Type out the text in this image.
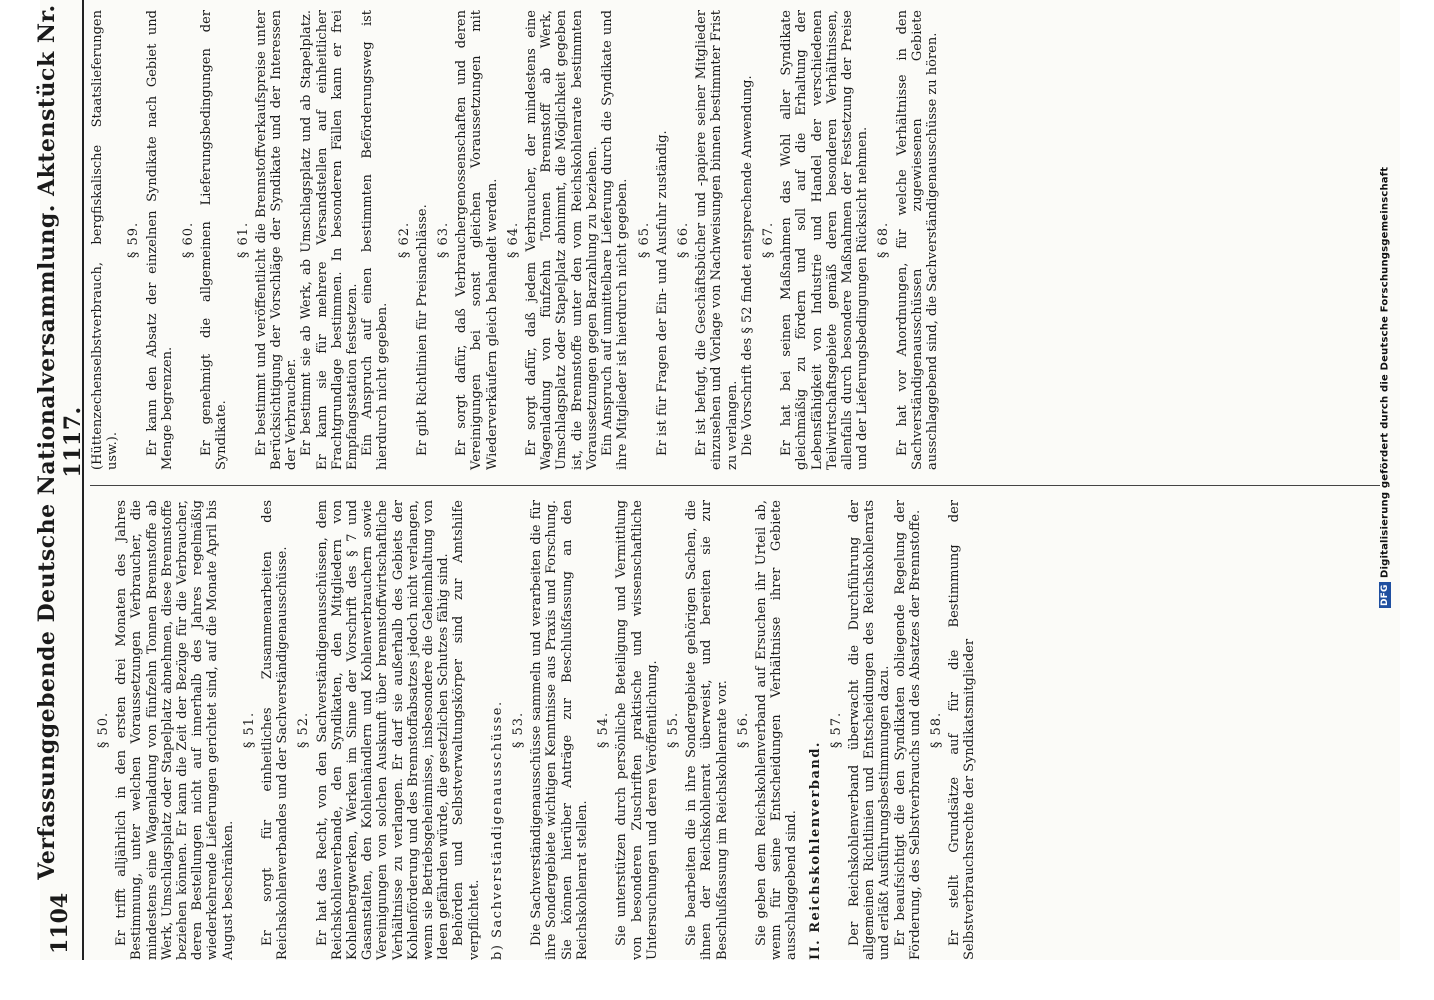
1104
Verfassunggebende Deutsche Nationalversammlung. Aktenstück Nr. 1117.

§ 50. Er trifft alljährlich in den ersten drei Monaten des Jahres Bestimmung, unter welchen Voraussetzungen Verbraucher, die mindestens eine Wagenladung von fünfzehn Tonnen Brennstoffe ab Werk, Umschlagsplatz oder Stapelplatz abnehmen, diese Brennstoffe beziehen können. Er kann die Zeit der Bezüge für die Verbraucher, deren Bestellungen nicht auf innerhalb des Jahres regelmäßig wiederkehrende Lieferungen gerichtet sind, auf die Monate April bis August beschränken.

§ 51. Er sorgt für einheitliches Zusammenarbeiten des Reichskohlenverbandes und der Sachverständigenausschüsse. § 52. Er hat das Recht, von den Sachverständigenausschüssen, dem Reichskohlenverbande, den Syndikaten, den Mitgliedern von Kohlenbergwerken, Werken im Sinne der Vorschrift des § 7 und Gasanstalten, den Kohlenhändlern und Kohlenverbrauchern sowie Vereinigungen von solchen Auskunft über brennstoffwirtschaftliche Verhältnisse zu verlangen. Er darf sie außerhalb des Gebiets der Kohlenförderung und des Brennstoffabsatzes jedoch nicht verlangen, wenn sie Betriebsgeheimnisse, insbesondere die Geheimhaltung von Ideen gefährden würde, die gesetzlichen Schutzes fähig sind. Behörden und Selbstverwaltungskörper sind zur Amtshilfe verpflichtet. b) Sachverständigenausschüsse. § 53. Die Sachverständigenausschüsse sammeln und verarbeiten die für ihre Sondergebiete wichtigen Kenntnisse aus Praxis und Forschung. Sie können hierüber Anträge zur Beschlußfassung an den Reichskohlenrat stellen.

§ 54. Sie unterstützen durch persönliche Beteiligung und Vermittlung von besonderen Zuschriften praktische und wissenschaftliche Untersuchungen und deren Veröffentlichung. § 55. Sie bearbeiten die in ihre Sondergebiete gehörigen Sachen, die ihnen der Reichskohlenrat überweist, und bereiten sie zur Beschlußfassung im Reichskohlenrate vor. § 56. Sie geben dem Reichskohlenverband auf Ersuchen ihr Urteil ab, wenn für seine Entscheidungen Verhältnisse ihrer Gebiete ausschlaggebend sind. II. Reichskohlenverband.

§ 57. Der Reichskohlenverband überwacht die Durchführung der allgemeinen Richtlinien und Entscheidungen des Reichskohlenrats und erläßt Ausführungsbestimmungen dazu. Er beaufsichtigt die den Syndikaten obliegende Regelung der Förderung, des Selbstverbrauchs und des Absatzes der Brennstoffe. § 58. Er stellt Grundsätze auf für die Bestimmung der Selbstverbrauchsrechte der Syndikatsmitglieder

(Hüttenzechenselbstverbrauch, bergfiskalische Staatslieferungen usw.).

§ 59. Er kann den Absatz der einzelnen Syndikate nach Gebiet und Menge begrenzen.

§ 60. Er genehmigt die allgemeinen Lieferungsbedingungen der Syndikate.

§ 61. Er bestimmt und veröffentlicht die Brennstoffverkaufspreise unter Berücksichtigung der Vorschläge der Syndikate und der Interessen der Verbraucher. Er bestimmt sie ab Werk, ab Umschlagsplatz und ab Stapelplatz. Er kann sie für mehrere Versandstellen auf einheitlicher Frachtgrundlage bestimmen. In besonderen Fällen kann er frei Empfangsstation festsetzen. Ein Anspruch auf einen bestimmten Beförderungsweg ist hierdurch nicht gegeben.

§ 62. Er gibt Richtlinien für Preisnachlässe. § 63. Er sorgt dafür, daß Verbrauchergenossenschaften und deren Vereinigungen bei sonst gleichen Voraussetzungen mit Wiederverkäufern gleich behandelt werden. § 64. Er sorgt dafür, daß jedem Verbraucher, der mindestens eine Wagenladung von fünfzehn Tonnen Brennstoff ab Werk, Umschlagsplatz oder Stapelplatz abnimmt, die Möglichkeit gegeben ist, die Brennstoffe unter den vom Reichskohlenrate bestimmten Voraussetzungen gegen Barzahlung zu beziehen. Ein Anspruch auf unmittelbare Lieferung durch die Syndikate und ihre Mitglieder ist hierdurch nicht gegeben. § 65. Er ist für Fragen der Ein- und Ausfuhr zuständig. § 66. Er ist befugt, die Geschäftsbücher und -papiere seiner Mitglieder einzusehen und Vorlage von Nachweisungen binnen bestimmter Frist zu verlangen. Die Vorschrift des § 52 findet entsprechende Anwendung. § 67. Er hat bei seinen Maßnahmen das Wohl aller Syndikate gleichmäßig zu fördern und soll auf die Erhaltung der Lebensfähigkeit von Industrie und Handel der verschiedenen Teilwirtschaftsgebiete gemäß deren besonderen Verhältnissen, allenfalls durch besondere Maßnahmen der Festsetzung der Preise und der Lieferungsbedingungen Rücksicht nehmen. § 68. Er hat vor Anordnungen, für welche Verhältnisse in den Sachverständigenausschüssen zugewiesenen Gebiete ausschlaggebend sind, die Sachverständigenausschüsse zu hören.

DFG
Digitalisierung gefördert durch die Deutsche Forschungsgemeinschaft
